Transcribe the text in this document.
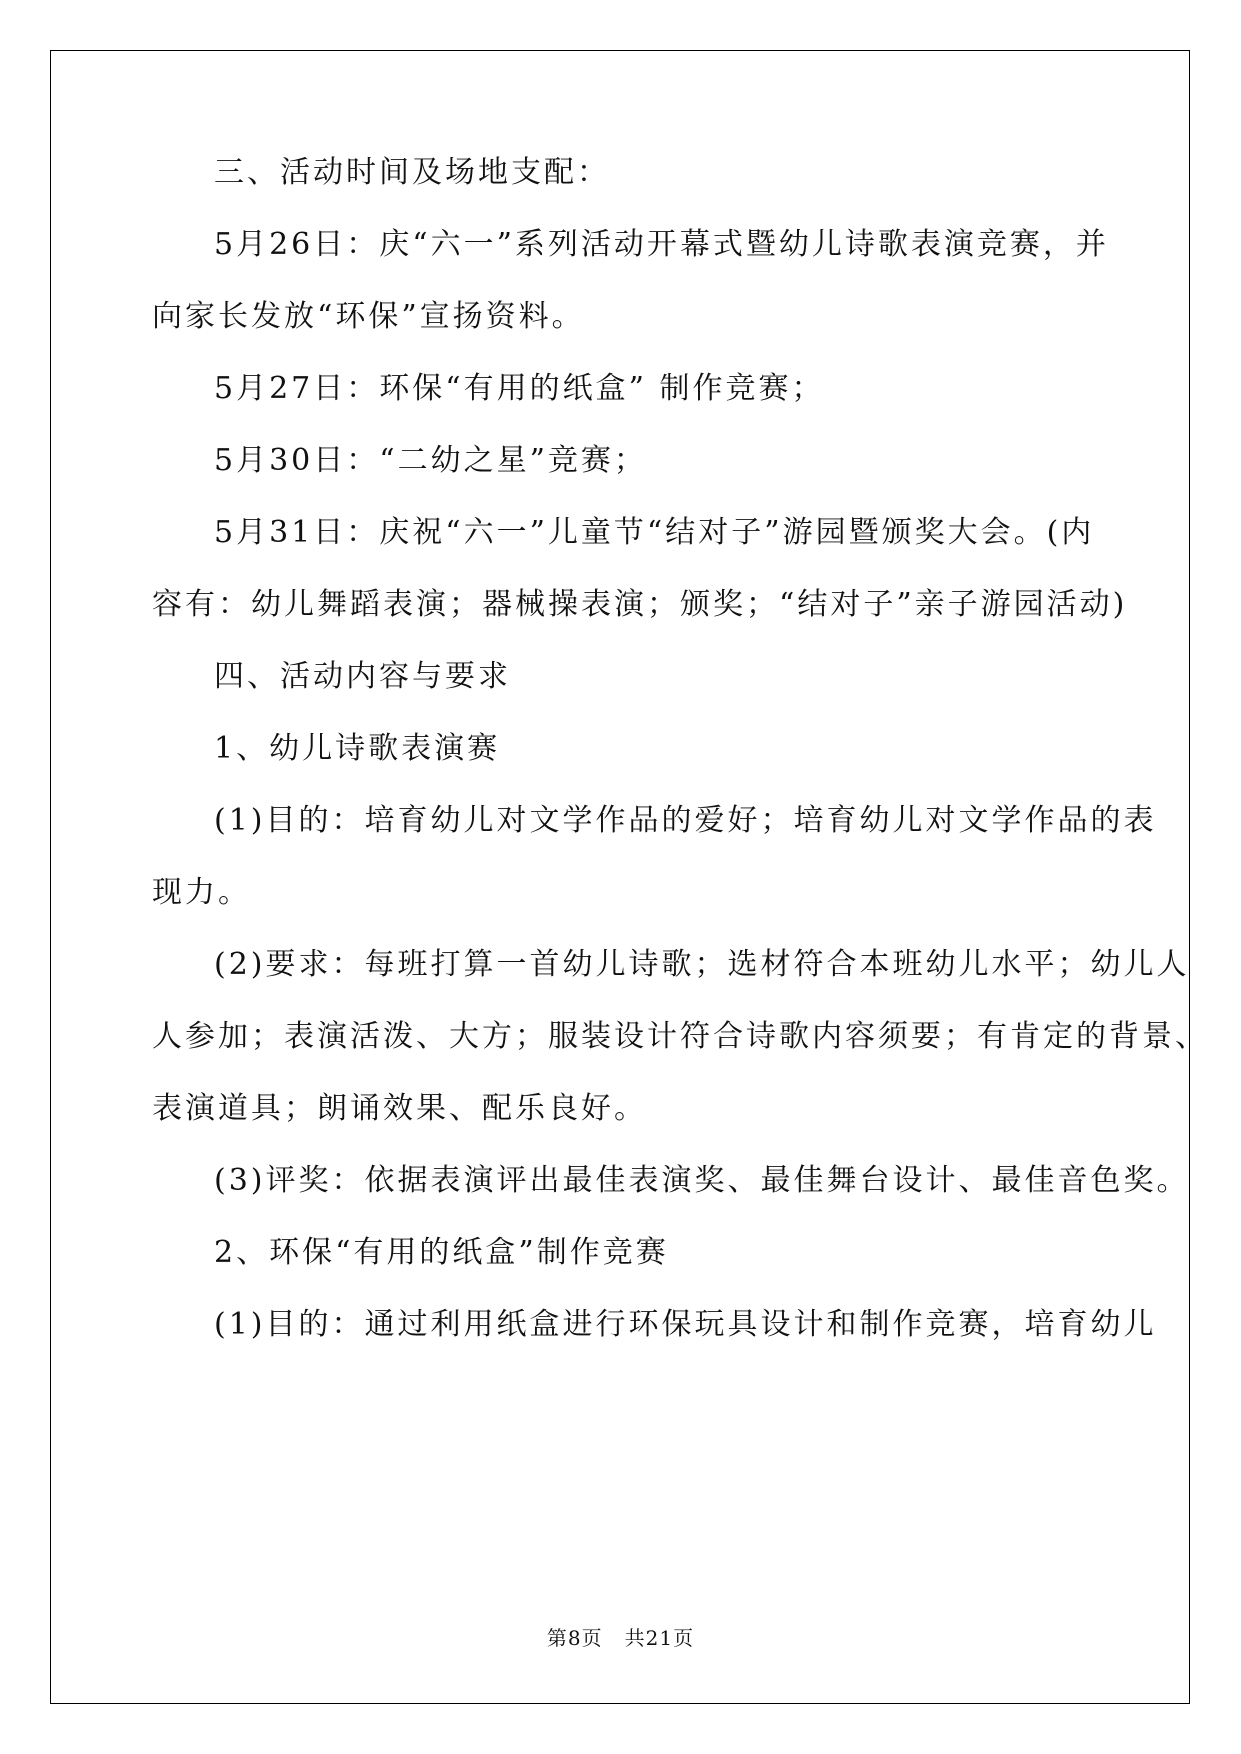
三、活动时间及场地支配：

5月26日：庆“六一”系列活动开幕式暨幼儿诗歌表演竞赛，并

向家长发放“环保”宣扬资料。

5月27日：环保“有用的纸盒” 制作竞赛；

5月30日：“二幼之星”竞赛；

5月31日：庆祝“六一”儿童节“结对子”游园暨颁奖大会。(内

容有：幼儿舞蹈表演；器械操表演；颁奖；“结对子”亲子游园活动)

四、活动内容与要求

1、幼儿诗歌表演赛

(1)目的：培育幼儿对文学作品的爱好；培育幼儿对文学作品的表

现力。

(2)要求：每班打算一首幼儿诗歌；选材符合本班幼儿水平；幼儿人

人参加；表演活泼、大方；服装设计符合诗歌内容须要；有肯定的背景、

表演道具；朗诵效果、配乐良好。

(3)评奖：依据表演评出最佳表演奖、最佳舞台设计、最佳音色奖。

2、环保“有用的纸盒”制作竞赛

(1)目的：通过利用纸盒进行环保玩具设计和制作竞赛，培育幼儿

第8页   共21页
